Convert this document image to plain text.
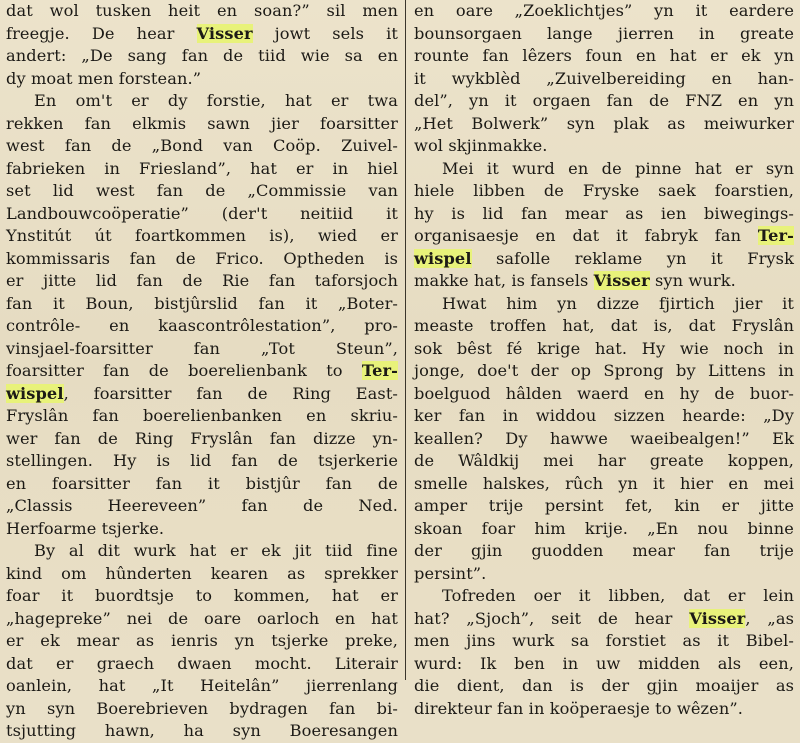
dat wol tusken heit en soan?” sil men
freegje. De hear Visser jowt sels it
andert: „De sang fan de tiid wie sa en
dy moat men forstean.”
En om't er dy forstie, hat er twa
rekken fan elkmis sawn jier foarsitter
west fan de „Bond van Coöp. Zuivel-
fabrieken in Friesland”, hat er in hiel
set lid west fan de „Commissie van
Landbouwcoöperatie” (der't neitiid it
Ynstitút út foartkommen is), wied er
kommissaris fan de Frico. Optheden is
er jitte lid fan de Rie fan taforsjoch
fan it Boun, bistjûrslid fan it „Boter-
contrôle- en kaascontrôlestation”, pro-
vinsjael-foarsitter fan „Tot Steun”,
foarsitter fan de boerelienbank to Ter-
wispel, foarsitter fan de Ring East-
Fryslân fan boerelienbanken en skriu-
wer fan de Ring Fryslân fan dizze yn-
stellingen. Hy is lid fan de tsjerkerie
en foarsitter fan it bistjûr fan de
„Classis Heereveen” fan de Ned.
Herfoarme tsjerke.
By al dit wurk hat er ek jit tiid fine
kind om hûnderten kearen as sprekker
foar it buordtsje to kommen, hat er
„hagepreke” nei de oare oarloch en hat
er ek mear as ienris yn tsjerke preke,
dat er graech dwaen mocht. Literair
oanlein, hat „It Heitelân” jierrenlang
yn syn Boerebrieven bydragen fan bi-
tsjutting hawn, ha syn Boeresangen
en oare „Zoeklichtjes” yn it eardere
bounsorgaen lange jierren in greate
rounte fan lêzers foun en hat er ek yn
it wykblèd „Zuivelbereiding en han-
del”, yn it orgaen fan de FNZ en yn
„Het Bolwerk” syn plak as meiwurker
wol skjinmakke.
Mei it wurd en de pinne hat er syn
hiele libben de Fryske saek foarstien,
hy is lid fan mear as ien biwegings-
organisaesje en dat it fabryk fan Ter-
wispel safolle reklame yn it Frysk
makke hat, is fansels Visser syn wurk.
Hwat him yn dizze fjirtich jier it
measte troffen hat, dat is, dat Fryslân
sok bêst fé krige hat. Hy wie noch in
jonge, doe't der op Sprong by Littens in
boelguod hâlden waerd en hy de buor-
ker fan in widdou sizzen hearde: „Dy
keallen? Dy hawwe waeibealgen!” Ek
de Wâldkij mei har greate koppen,
smelle halskes, rûch yn it hier en mei
amper trije persint fet, kin er jitte
skoan foar him krije. „En nou binne
der gjin guodden mear fan trije
persint”.
Tofreden oer it libben, dat er lein
hat? „Sjoch”, seit de hear Visser, „as
men jins wurk sa forstiet as it Bibel-
wurd: Ik ben in uw midden als een,
die dient, dan is der gjin moaijer as
direkteur fan in koöperaesje to wêzen”.
